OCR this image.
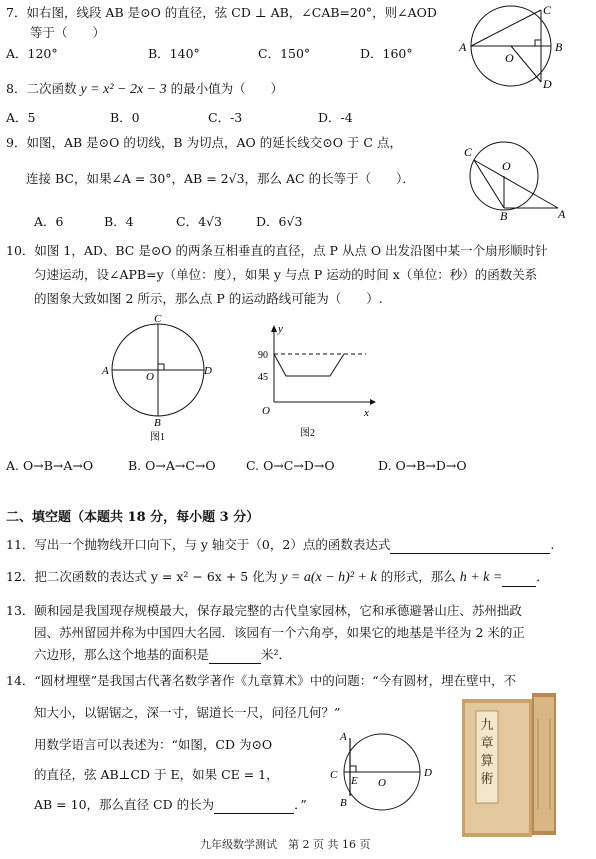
7．如右图，线段 AB 是⊙O 的直径，弦 CD ⊥ AB，∠CAB=20°，则∠AOD
等于（　　）
A．120°	B．140°	C．150°	D．160°	A	B
C
D
O
8．二次函数 y = x² − 2x − 3 的最小值为（　　）
A．5	B．0	C．-3	D．-4
9．如图，AB 是⊙O 的切线，B 为切点，AO 的延长线交⊙O 于 C 点，
连接 BC，如果∠A = 30°，AB = 2√3，那么 AC 的长等于（　　）．
A．6	B．4	C．4√3	D．6√3
C
O
B	A
10．如图 1，AD、BC 是⊙O 的两条互相垂直的直径，点 P 从点 O 出发沿图中某一个扇形顺时针
匀速运动，设∠APB=y（单位：度），如果 y 与点 P 运动的时间 x（单位：秒）的函数关系
的图象大致如图 2 所示，那么点 P 的运动路线可能为（　　）.
C
A	O	D
B
图1
y
90
45
O	x
图2
A. O→B→A→O	B. O→A→C→O C. O→C→D→O	D. O→B→D→O
二、填空题（本题共 18 分，每小题 3 分）
11．写出一个抛物线开口向下，与 y 轴交于（0，2）点的函数表达式	.
12．把二次函数的表达式 y = x² − 6x + 5 化为 y = a(x − h)² + k 的形式，那么 h + k =	．
13．颐和园是我国现存规模最大，保存最完整的古代皇家园林，它和承德避暑山庄、苏州拙政
园、苏州留园并称为中国四大名园．该园有一个六角亭，如果它的地基是半径为 2 米的正
六边形，那么这个地基的面积是	米²．
14．“圆材埋壁”是我国古代著名数学著作《九章算术》中的问题：“今有圆材，埋在壁中，不
知大小，以锯锯之，深一寸，锯道长一尺，问径几何？”
用数学语言可以表述为：“如图，CD 为⊙O
的直径，弦 AB⊥CD 于 E，如果 CE = 1，
AB = 10，那么直径 CD 的长为	．”
A
C E O
D
B
九
章
算
術
九年级数学测试　第 2 页 共 16 页
